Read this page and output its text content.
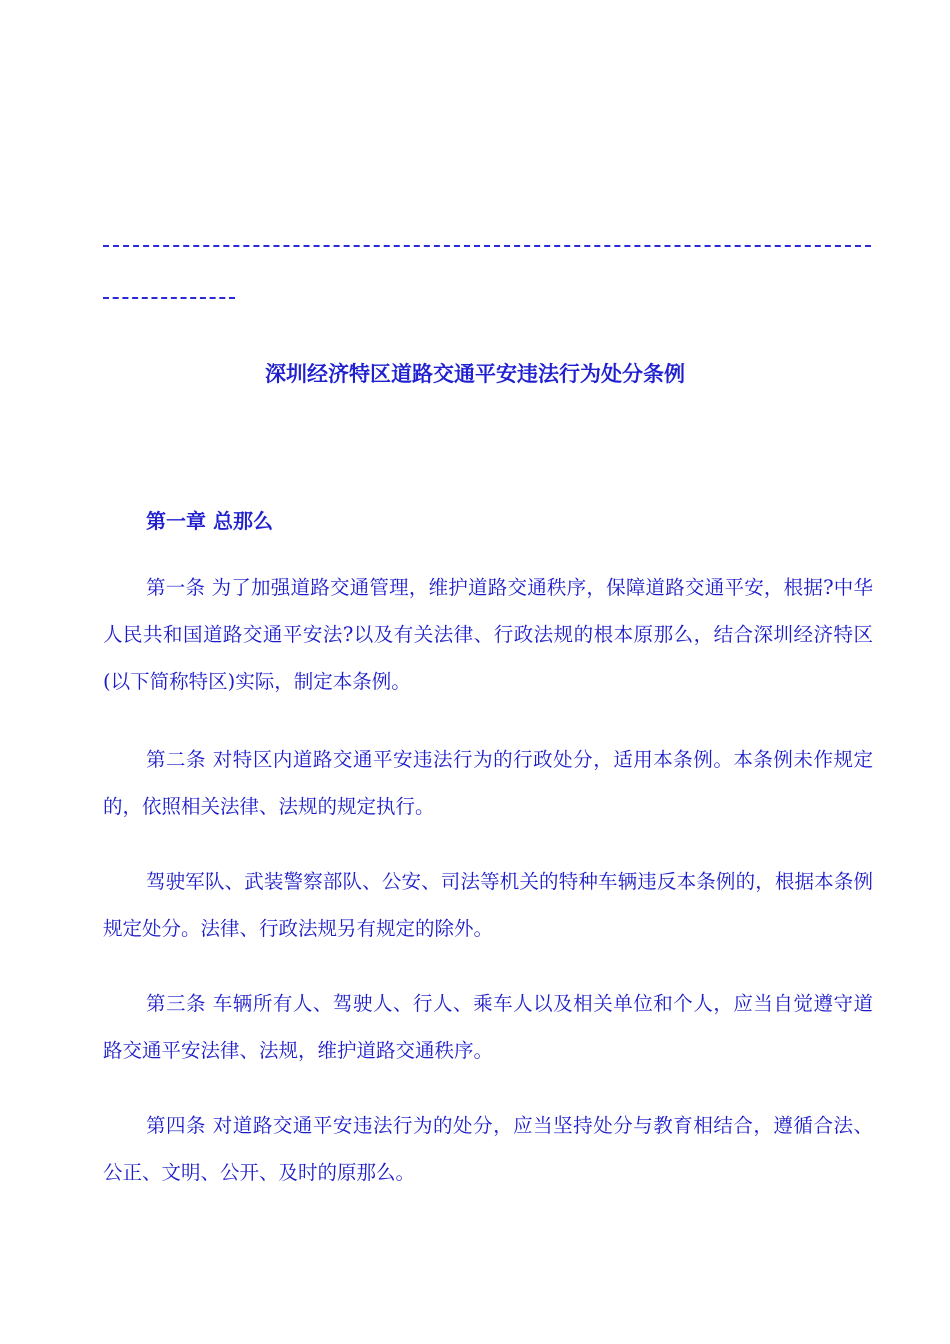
深圳经济特区道路交通平安违法行为处分条例
第一章 总那么

第一条 为了加强道路交通管理，维护道路交通秩序，保障道路交通平安，根据?中华人民共和国道路交通平安法?以及有关法律、行政法规的根本原那么，结合深圳经济特区(以下简称特区)实际，制定本条例。

第二条 对特区内道路交通平安违法行为的行政处分，适用本条例。本条例未作规定的，依照相关法律、法规的规定执行。

驾驶军队、武装警察部队、公安、司法等机关的特种车辆违反本条例的，根据本条例规定处分。法律、行政法规另有规定的除外。

第三条 车辆所有人、驾驶人、行人、乘车人以及相关单位和个人，应当自觉遵守道路交通平安法律、法规，维护道路交通秩序。

第四条 对道路交通平安违法行为的处分，应当坚持处分与教育相结合，遵循合法、公正、文明、公开、及时的原那么。
